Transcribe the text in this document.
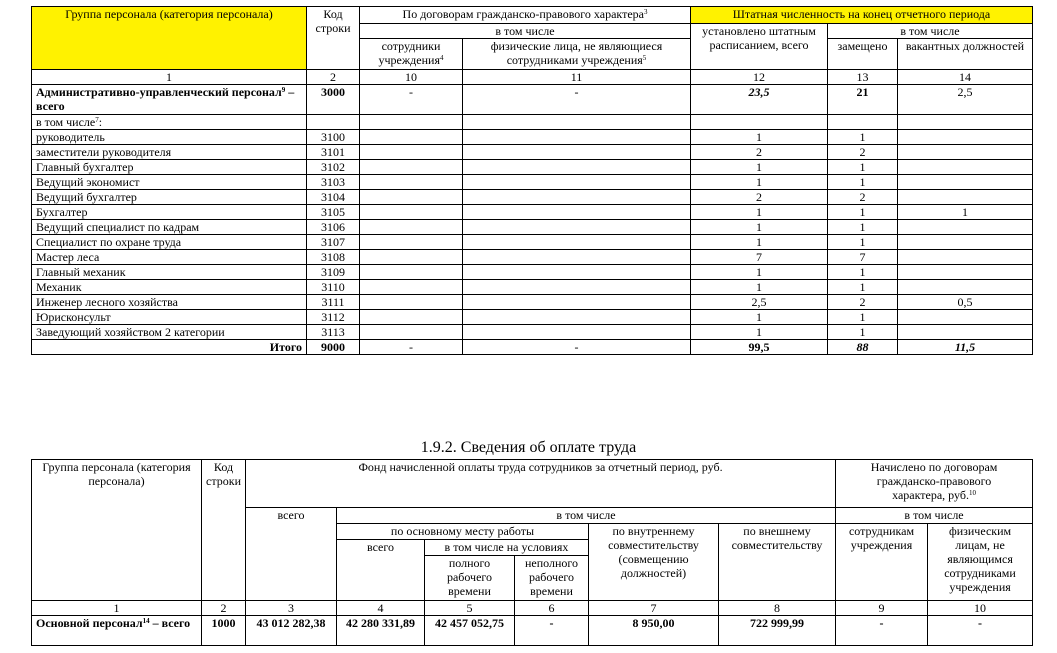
Группа персонала (категория персонала)	Код строки	По договорам гражданско-правового характера$^3$		Штатная численность на конец отчетного периода		
		в том числе		установлено штатным расписанием, всего	в том числе	
		сотрудники учреждения$^4$	физические лица, не являющиеся сотрудниками учреждения$^5$		замещено	вакантных должностей
1	2	10	11	12	13	14
Административно-управленческий персонал$^9$ – всего	3000	-	-	23,5	21	2,5
в том числе$^7$:						
руководитель	3100			1	1	
заместители руководителя	3101			2	2	
Главный бухгалтер	3102			1	1	
Ведущий экономист	3103			1	1	
Ведущий бухгалтер	3104			2	2	
Бухгалтер	3105			1	1	1
Ведущий специалист по кадрам	3106			1	1	
Специалист по охране труда	3107			1	1	
Мастер леса	3108			7	7	
Главный механик	3109			1	1	
Механик	3110			1	1	
Инженер лесного хозяйства	3111			2,5	2	0,5
Юрисконсульт	3112			1	1	
Заведующий хозяйством 2 категории	3113			1	1	
Итого	9000	-	-	99,5	88	11,5
1.9.2. Сведения об оплате труда
Группа персонала (категория персонала)	Код строки	Фонд начисленной оплаты труда сотрудников за отчетный период, руб.						Начислено по договорам гражданско-правового характера, руб.$^{10}$
		всего	в том числе					в том числе	
			по основному месту работы			по внутреннему совместительству (совмещению должностей)	по внешнему совместительству	сотрудникам учреждения	физическим лицам, не являющимся сотрудниками учреждения
			всего	в том числе на условиях					
				полного рабочего времени	неполного рабочего времени				
1	2	3	4	5	6	7	8	9	10
Основной персонал$^{14}$ – всего	1000	43 012 282,38	42 280 331,89	42 457 052,75	-	8 950,00	722 999,99	-	-
